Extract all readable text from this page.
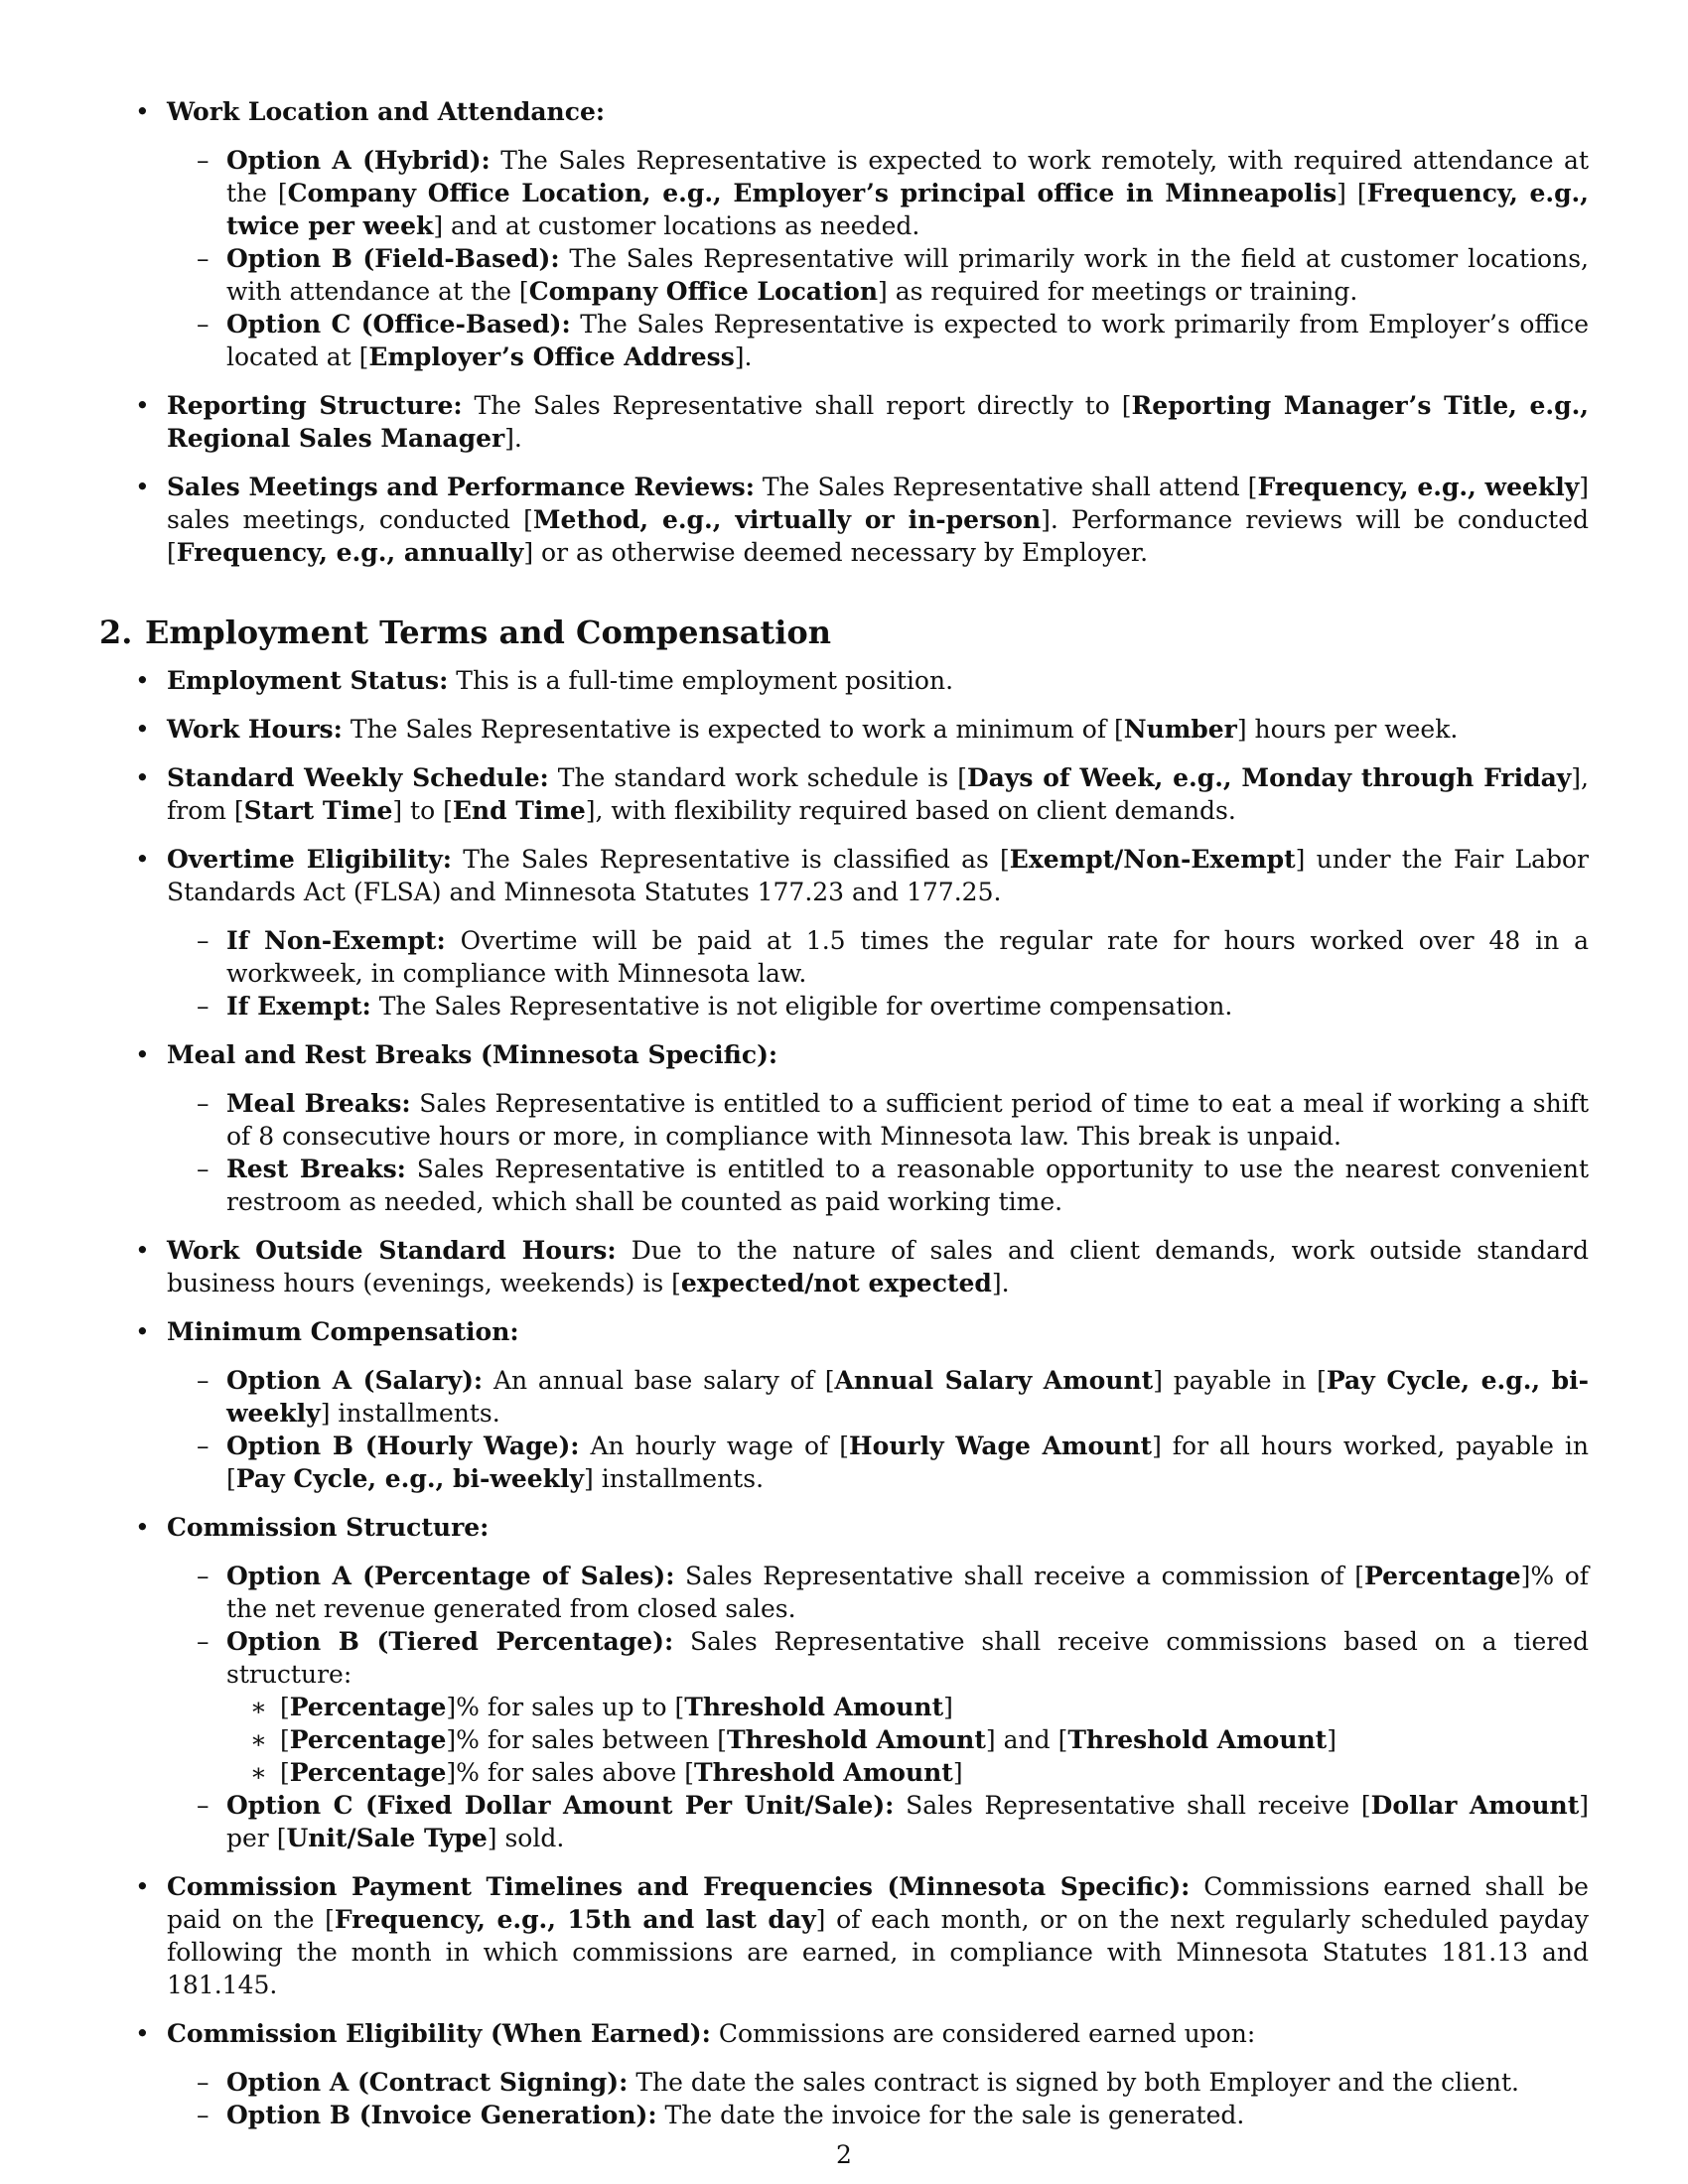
• Work Location and Attendance:
– Option A (Hybrid): The Sales Representative is expected to work remotely, with required attendance at the [Company Office Location, e.g., Employer’s principal office in Minneapolis] [Frequency, e.g., twice per week] and at customer locations as needed.
– Option B (Field-Based): The Sales Representative will primarily work in the field at customer locations, with attendance at the [Company Office Location] as required for meetings or training.
– Option C (Office-Based): The Sales Representative is expected to work primarily from Employer’s office located at [Employer’s Office Address].
• Reporting Structure: The Sales Representative shall report directly to [Reporting Manager’s Title, e.g., Regional Sales Manager].
• Sales Meetings and Performance Reviews: The Sales Representative shall attend [Frequency, e.g., weekly] sales meetings, conducted [Method, e.g., virtually or in-person]. Performance reviews will be conducted [Frequency, e.g., annually] or as otherwise deemed necessary by Employer.
2. Employment Terms and Compensation
• Employment Status: This is a full-time employment position.
• Work Hours: The Sales Representative is expected to work a minimum of [Number] hours per week.
• Standard Weekly Schedule: The standard work schedule is [Days of Week, e.g., Monday through Friday], from [Start Time] to [End Time], with flexibility required based on client demands.
• Overtime Eligibility: The Sales Representative is classified as [Exempt/Non-Exempt] under the Fair Labor Standards Act (FLSA) and Minnesota Statutes 177.23 and 177.25.
– If Non-Exempt: Overtime will be paid at 1.5 times the regular rate for hours worked over 48 in a workweek, in compliance with Minnesota law.
– If Exempt: The Sales Representative is not eligible for overtime compensation.
• Meal and Rest Breaks (Minnesota Specific):
– Meal Breaks: Sales Representative is entitled to a sufficient period of time to eat a meal if working a shift of 8 consecutive hours or more, in compliance with Minnesota law. This break is unpaid.
– Rest Breaks: Sales Representative is entitled to a reasonable opportunity to use the nearest convenient restroom as needed, which shall be counted as paid working time.
• Work Outside Standard Hours: Due to the nature of sales and client demands, work outside standard business hours (evenings, weekends) is [expected/not expected].
• Minimum Compensation:
– Option A (Salary): An annual base salary of [Annual Salary Amount] payable in [Pay Cycle, e.g., bi-weekly] installments.
– Option B (Hourly Wage): An hourly wage of [Hourly Wage Amount] for all hours worked, payable in [Pay Cycle, e.g., bi-weekly] installments.
• Commission Structure:
– Option A (Percentage of Sales): Sales Representative shall receive a commission of [Percentage]% of the net revenue generated from closed sales.
– Option B (Tiered Percentage): Sales Representative shall receive commissions based on a tiered structure:
∗ [Percentage]% for sales up to [Threshold Amount]
∗ [Percentage]% for sales between [Threshold Amount] and [Threshold Amount]
∗ [Percentage]% for sales above [Threshold Amount]
– Option C (Fixed Dollar Amount Per Unit/Sale): Sales Representative shall receive [Dollar Amount] per [Unit/Sale Type] sold.
• Commission Payment Timelines and Frequencies (Minnesota Specific): Commissions earned shall be paid on the [Frequency, e.g., 15th and last day] of each month, or on the next regularly scheduled payday following the month in which commissions are earned, in compliance with Minnesota Statutes 181.13 and 181.145.
• Commission Eligibility (When Earned): Commissions are considered earned upon:
– Option A (Contract Signing): The date the sales contract is signed by both Employer and the client.
– Option B (Invoice Generation): The date the invoice for the sale is generated.
2
